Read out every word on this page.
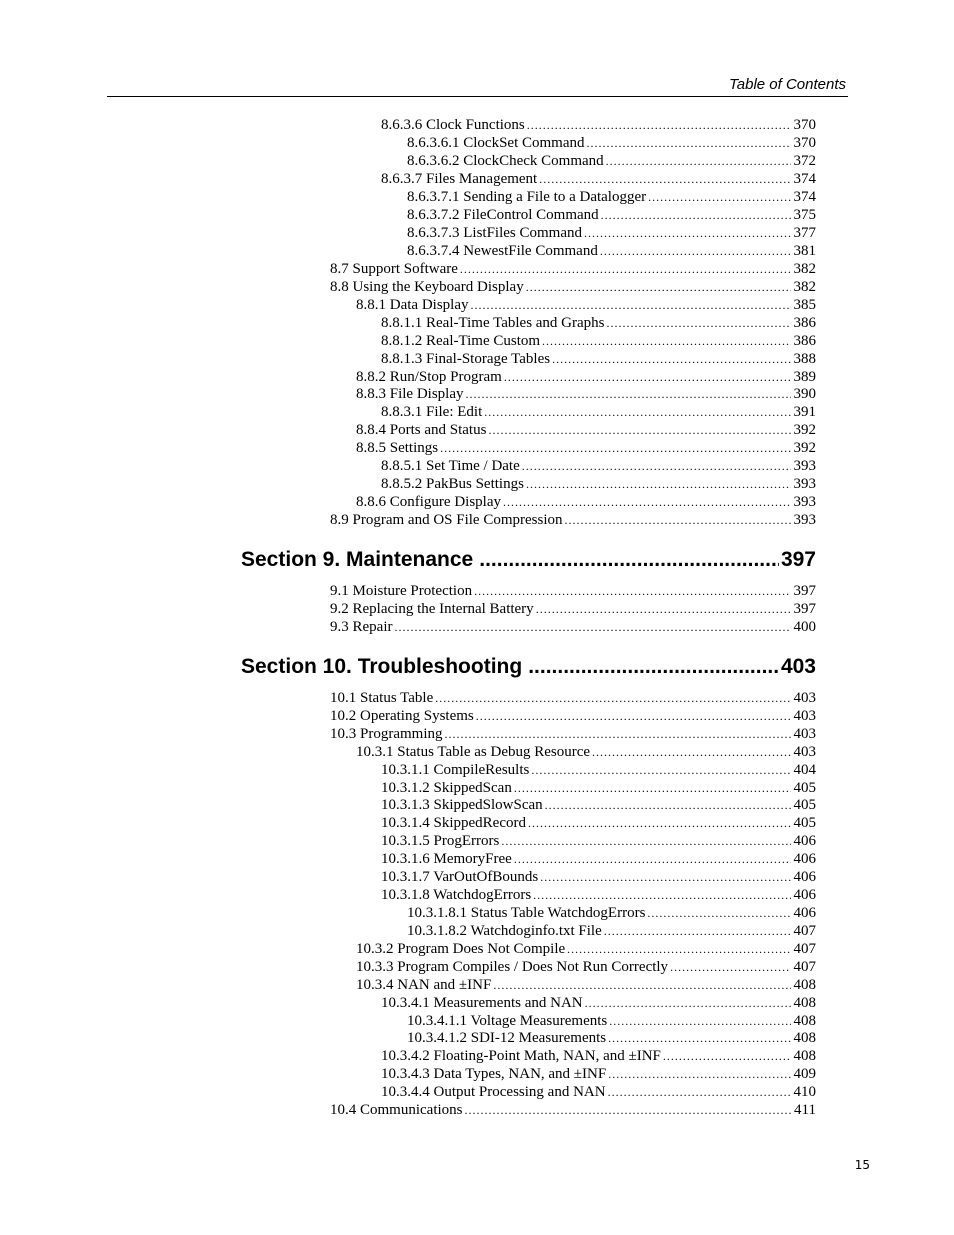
Table of Contents
8.6.3.6 Clock Functions .....	370
8.6.3.6.1 ClockSet Command .....	370
8.6.3.6.2 ClockCheck Command .....	372
8.6.3.7 Files Management .....	374
8.6.3.7.1 Sending a File to a Datalogger .....	374
8.6.3.7.2 FileControl Command .....	375
8.6.3.7.3 ListFiles Command .....	377
8.6.3.7.4 NewestFile Command .....	381
8.7 Support Software .....	382
8.8 Using the Keyboard Display .....	382
8.8.1 Data Display .....	385
8.8.1.1 Real-Time Tables and Graphs .....	386
8.8.1.2 Real-Time Custom .....	386
8.8.1.3 Final-Storage Tables .....	388
8.8.2 Run/Stop Program .....	389
8.8.3 File Display .....	390
8.8.3.1 File: Edit .....	391
8.8.4 Ports and Status .....	392
8.8.5 Settings .....	392
8.8.5.1 Set Time / Date .....	393
8.8.5.2 PakBus Settings .....	393
8.8.6 Configure Display .....	393
8.9 Program and OS File Compression .....	393
Section 9. Maintenance .....	397
9.1 Moisture Protection .....	397
9.2 Replacing the Internal Battery .....	397
9.3 Repair .....	400
Section 10. Troubleshooting .....	403
10.1 Status Table .....	403
10.2 Operating Systems .....	403
10.3 Programming .....	403
10.3.1 Status Table as Debug Resource .....	403
10.3.1.1 CompileResults .....	404
10.3.1.2 SkippedScan .....	405
10.3.1.3 SkippedSlowScan .....	405
10.3.1.4 SkippedRecord .....	405
10.3.1.5 ProgErrors .....	406
10.3.1.6 MemoryFree .....	406
10.3.1.7 VarOutOfBounds .....	406
10.3.1.8 WatchdogErrors .....	406
10.3.1.8.1 Status Table WatchdogErrors .....	406
10.3.1.8.2 Watchdoginfo.txt File .....	407
10.3.2 Program Does Not Compile .....	407
10.3.3 Program Compiles / Does Not Run Correctly .....	407
10.3.4 NAN and ±INF .....	408
10.3.4.1 Measurements and NAN .....	408
10.3.4.1.1 Voltage Measurements .....	408
10.3.4.1.2 SDI-12 Measurements .....	408
10.3.4.2 Floating-Point Math, NAN, and ±INF .....	408
10.3.4.3 Data Types, NAN, and ±INF .....	409
10.3.4.4 Output Processing and NAN .....	410
10.4 Communications .....	411
15
